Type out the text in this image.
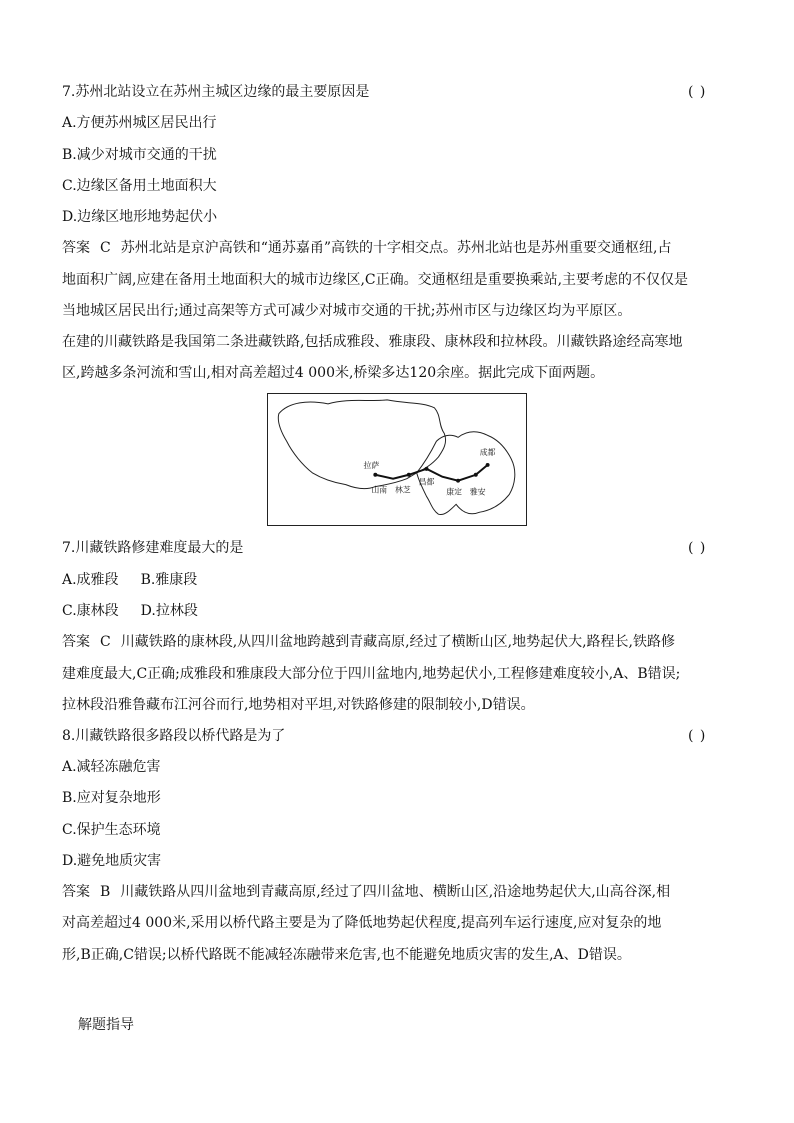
7.苏州北站设立在苏州主城区边缘的最主要原因是	( )
A.方便苏州城区居民出行
B.减少对城市交通的干扰
C.边缘区备用土地面积大
D.边缘区地形地势起伏小
答案 C 苏州北站是京沪高铁和“通苏嘉甬”高铁的十字相交点。苏州北站也是苏州重要交通枢纽,占
地面积广阔,应建在备用土地面积大的城市边缘区,C正确。交通枢纽是重要换乘站,主要考虑的不仅仅是
当地城区居民出行;通过高架等方式可减少对城市交通的干扰;苏州市区与边缘区均为平原区。
在建的川藏铁路是我国第二条进藏铁路,包括成雅段、雅康段、康林段和拉林段。川藏铁路途经高寒地
区,跨越多条河流和雪山,相对高差超过4 000米,桥梁多达120余座。据此完成下面两题。
拉萨
山南 林芝
昌都
康定 雅安
成都
7.川藏铁路修建难度最大的是	( )
A.成雅段 B.雅康段
C.康林段 D.拉林段
答案 C 川藏铁路的康林段,从四川盆地跨越到青藏高原,经过了横断山区,地势起伏大,路程长,铁路修
建难度最大,C正确;成雅段和雅康段大部分位于四川盆地内,地势起伏小,工程修建难度较小,A、B错误;
拉林段沿雅鲁藏布江河谷而行,地势相对平坦,对铁路修建的限制较小,D错误。
8.川藏铁路很多路段以桥代路是为了	( )
A.减轻冻融危害
B.应对复杂地形
C.保护生态环境
D.避免地质灾害
答案 B 川藏铁路从四川盆地到青藏高原,经过了四川盆地、横断山区,沿途地势起伏大,山高谷深,相
对高差超过4 000米,采用以桥代路主要是为了降低地势起伏程度,提高列车运行速度,应对复杂的地
形,B正确,C错误;以桥代路既不能减轻冻融带来危害,也不能避免地质灾害的发生,A、D错误。
解题指导
